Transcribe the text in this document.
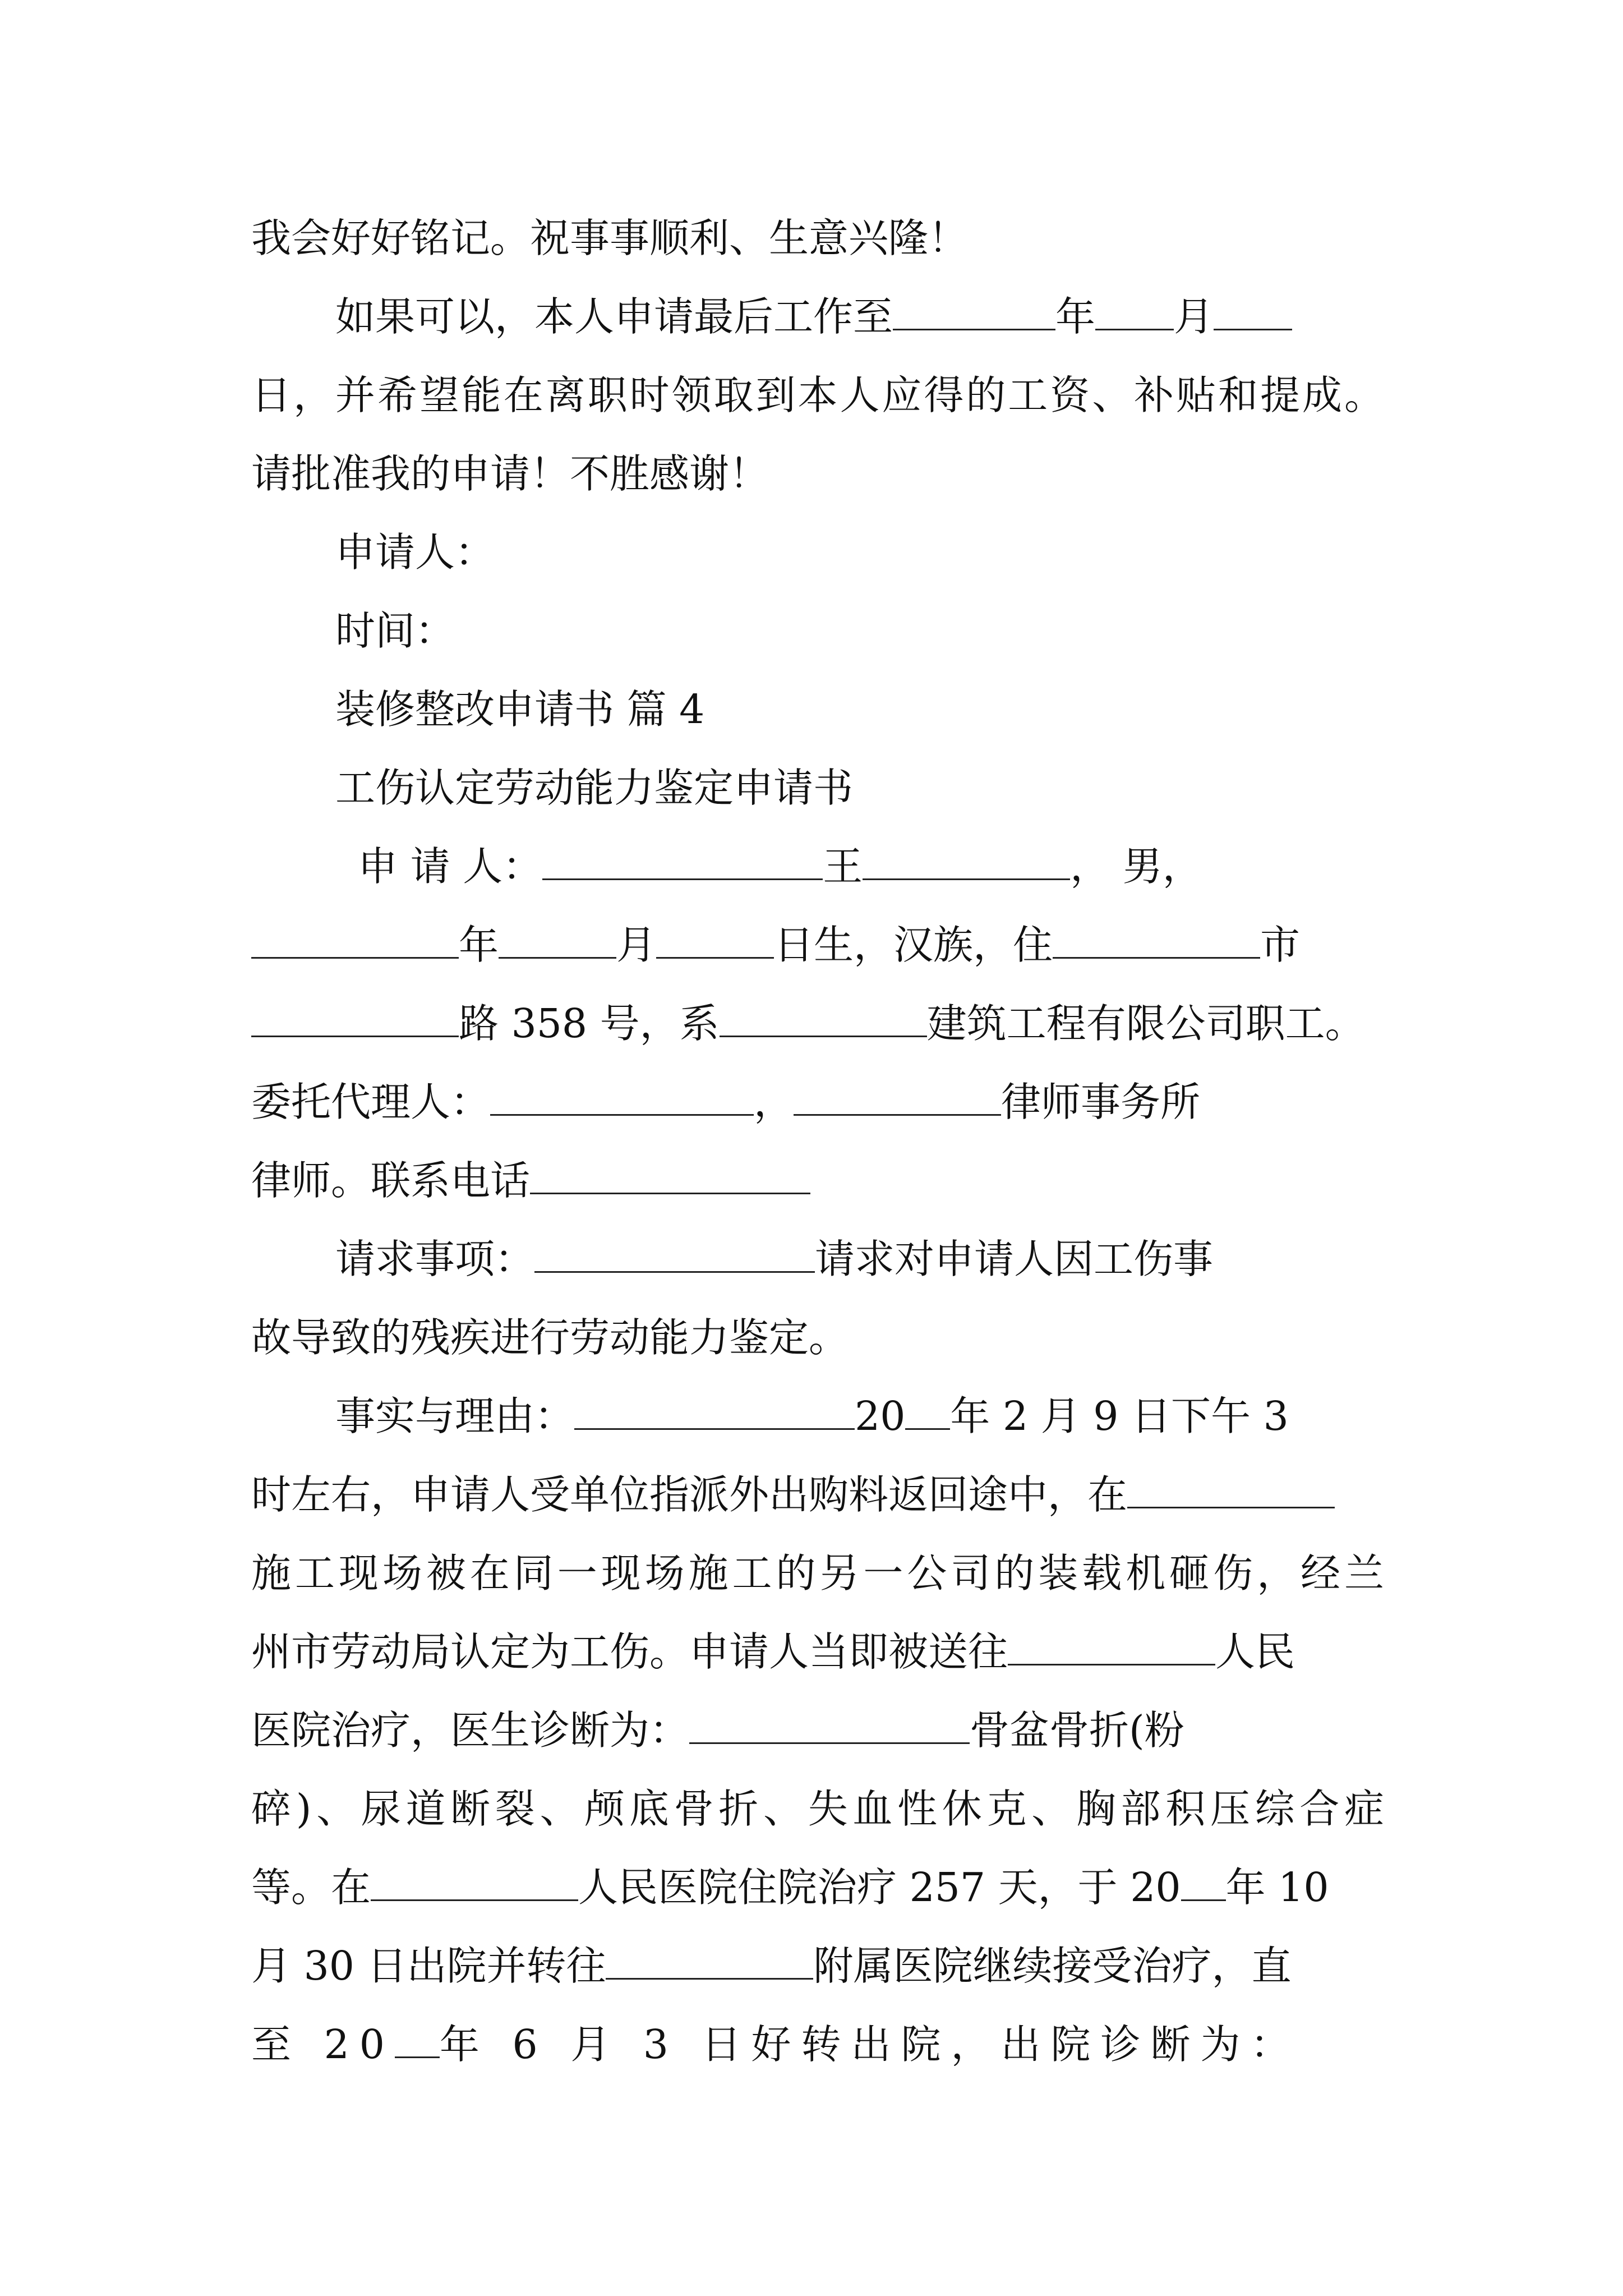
我会好好铭记。祝事事顺利、生意兴隆！
如果可以，本人申请最后工作至	年 月
日，并希望能在离职时领取到本人应得的工资、补贴和提成。
请批准我的申请！不胜感谢！
申请人：
时间：
装修整改申请书 篇 4
工伤认定劳动能力鉴定申请书
申 请 人：	王	， 男，
年	月	日生，汉族，住	市
路 358 号，系	建筑工程有限公司职工。
委托代理人：	，	律师事务所
律师。联系电话
请求事项：	请求对申请人因工伤事
故导致的残疾进行劳动能力鉴定。
事实与理由：	20 年 2 月 9 日下午 3
时左右，申请人受单位指派外出购料返回途中，在
施工现场被在同一现场施工的另一公司的装载机砸伤，经兰
州市劳动局认定为工伤。申请人当即被送往	人民
医院治疗，医生诊断为：	骨盆骨折(粉
碎)、尿道断裂、颅底骨折、失血性休克、胸部积压综合症
等。在	人民医院住院治疗 257 天，于 20 年 10
月 30 日出院并转往	附属医院继续接受治疗，直
至 20 年 6 月 3 日好转出院，出院诊断为：
